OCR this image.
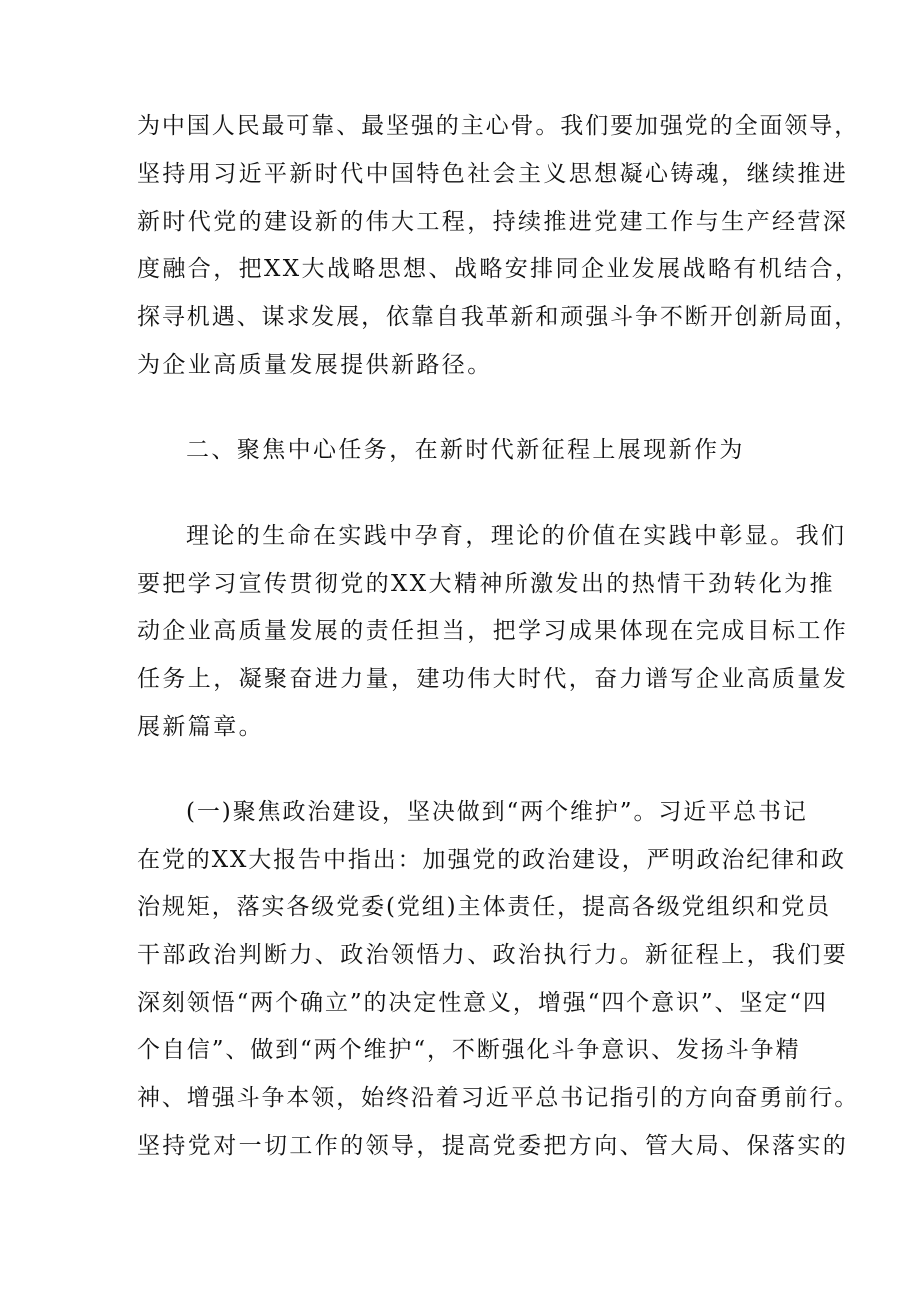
为中国人民最可靠、最坚强的主心骨。我们要加强党的全面领导，
坚持用习近平新时代中国特色社会主义思想凝心铸魂，继续推进
新时代党的建设新的伟大工程，持续推进党建工作与生产经营深
度融合，把XX大战略思想、战略安排同企业发展战略有机结合，
探寻机遇、谋求发展，依靠自我革新和顽强斗争不断开创新局面，
为企业高质量发展提供新路径。
二、聚焦中心任务，在新时代新征程上展现新作为
理论的生命在实践中孕育，理论的价值在实践中彰显。我们
要把学习宣传贯彻党的XX大精神所激发出的热情干劲转化为推
动企业高质量发展的责任担当，把学习成果体现在完成目标工作
任务上，凝聚奋进力量，建功伟大时代，奋力谱写企业高质量发
展新篇章。
(一)聚焦政治建设，坚决做到“两个维护”。习近平总书记
在党的XX大报告中指出：加强党的政治建设，严明政治纪律和政
治规矩，落实各级党委(党组)主体责任，提高各级党组织和党员
干部政治判断力、政治领悟力、政治执行力。新征程上，我们要
深刻领悟“两个确立”的决定性意义，增强“四个意识”、坚定“四
个自信”、做到“两个维护“，不断强化斗争意识、发扬斗争精
神、增强斗争本领，始终沿着习近平总书记指引的方向奋勇前行。
坚持党对一切工作的领导，提高党委把方向、管大局、保落实的
